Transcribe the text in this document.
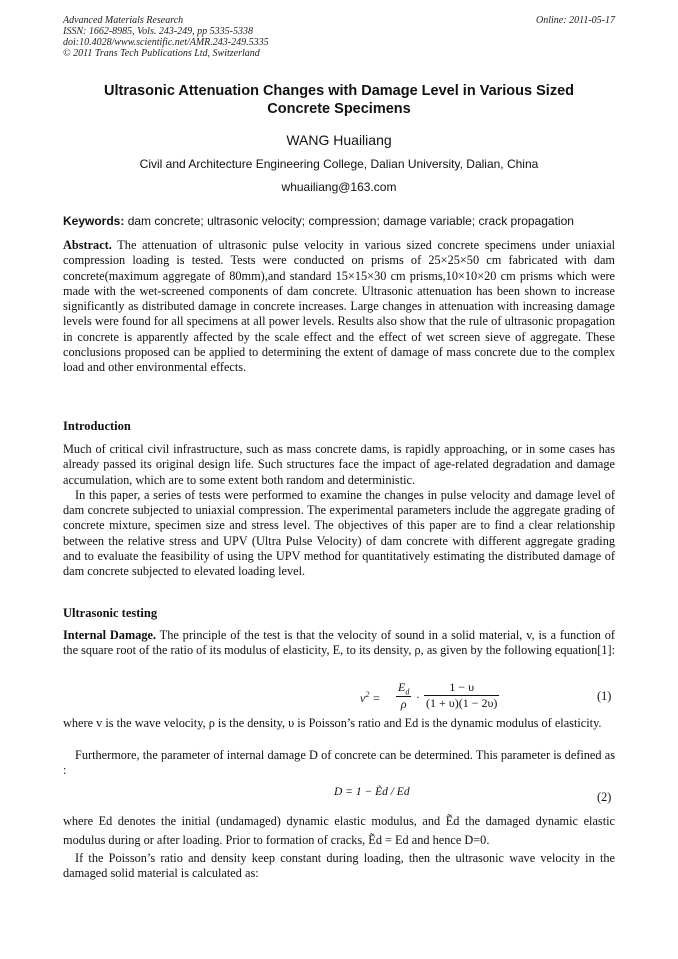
Advanced Materials Research
ISSN: 1662-8985, Vols. 243-249, pp 5335-5338
doi:10.4028/www.scientific.net/AMR.243-249.5335
© 2011 Trans Tech Publications Ltd, Switzerland
Online: 2011-05-17
Ultrasonic Attenuation Changes with Damage Level in Various Sized
Concrete Specimens
WANG Huailiang
Civil and Architecture Engineering College, Dalian University, Dalian, China
whuailiang@163.com
Keywords: dam concrete; ultrasonic velocity; compression; damage variable; crack propagation
Abstract. The attenuation of ultrasonic pulse velocity in various sized concrete specimens under uniaxial compression loading is tested. Tests were conducted on prisms of 25×25×50 cm fabricated with dam concrete(maximum aggregate of 80mm),and standard 15×15×30 cm prisms,10×10×20 cm prisms which were made with the wet-screened components of dam concrete. Ultrasonic attenuation has been shown to increase significantly as distributed damage in concrete increases. Large changes in attenuation with increasing damage levels were found for all specimens at all power levels. Results also show that the rule of ultrasonic propagation in concrete is apparently affected by the scale effect and the effect of wet screen sieve of aggregate. These conclusions proposed can be applied to determining the extent of damage of mass concrete due to the complex load and other environmental effects.
Introduction
Much of critical civil infrastructure, such as mass concrete dams, is rapidly approaching, or in some cases has already passed its original design life. Such structures face the impact of age-related degradation and damage accumulation, which are to some extent both random and deterministic.
In this paper, a series of tests were performed to examine the changes in pulse velocity and damage level of dam concrete subjected to uniaxial compression. The experimental parameters include the aggregate grading of concrete mixture, specimen size and stress level. The objectives of this paper are to find a clear relationship between the relative stress and UPV (Ultra Pulse Velocity) of dam concrete with different aggregate grading and to evaluate the feasibility of using the UPV method for quantitatively estimating the distributed damage of dam concrete subjected to elevated loading level.
Ultrasonic testing
Internal Damage. The principle of the test is that the velocity of sound in a solid material, v, is a function of the square root of the ratio of its modulus of elasticity, E, to its density, ρ, as given by the following equation[1]:
$v^2 = \frac{E_d}{\rho} \cdot \frac{1 - \upsilon}{(1 + \upsilon)(1 - 2\upsilon)}$	(1)
where v is the wave velocity, ρ is the density, υ is Poisson’s ratio and Ed is the dynamic modulus of elasticity.
Furthermore, the parameter of internal damage D of concrete can be determined. This parameter is defined as :
D = 1 − Ẽd / Ed	(2)
where Ed denotes the initial (undamaged) dynamic elastic modulus, and Ẽd the damaged dynamic elastic modulus during or after loading. Prior to formation of cracks, Ẽd = Ed and hence D=0.
If the Poisson’s ratio and density keep constant during loading, then the ultrasonic wave velocity in the damaged solid material is calculated as:
